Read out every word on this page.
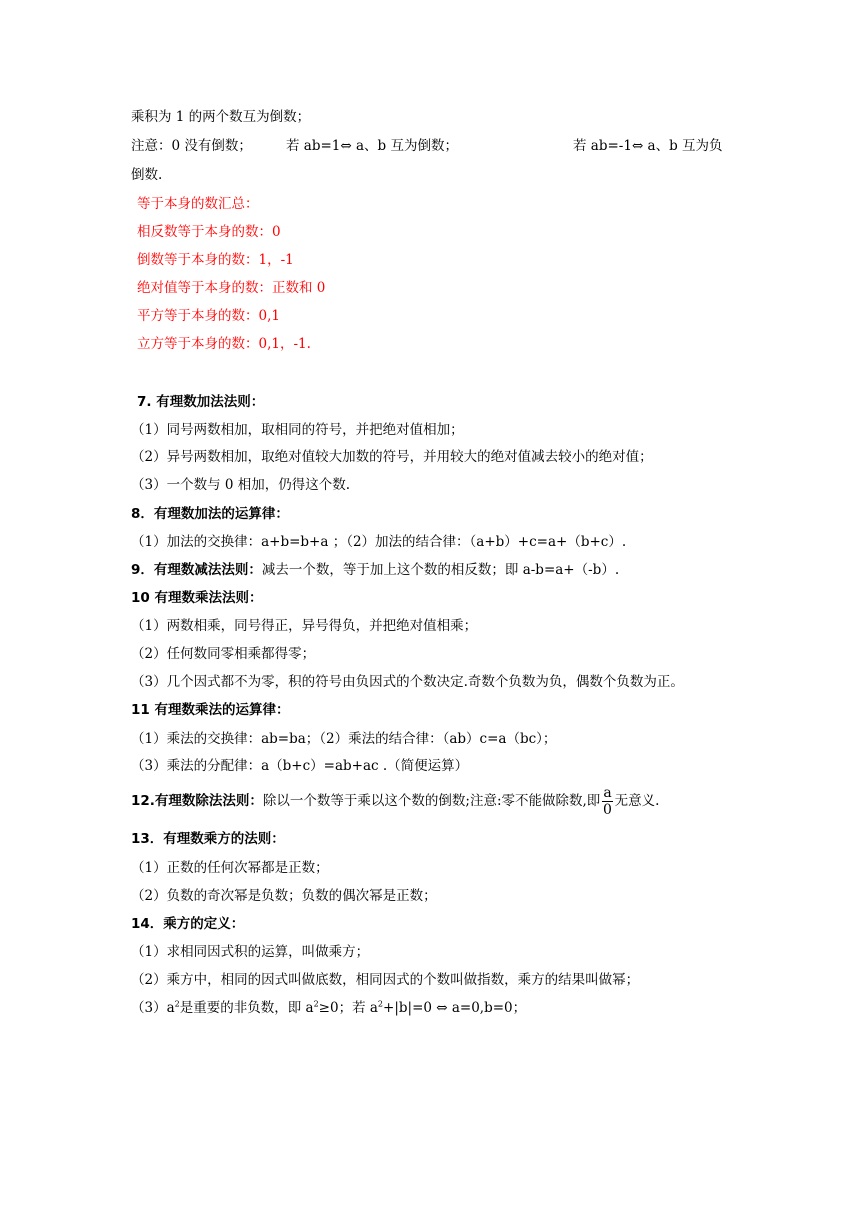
乘积为 1 的两个数互为倒数；
注意：0 没有倒数；	若 ab=1⇔ a、b 互为倒数；	若 ab=-1⇔ a、b 互为负
倒数.
等于本身的数汇总：
相反数等于本身的数：0
倒数等于本身的数：1，-1
绝对值等于本身的数：正数和 0
平方等于本身的数：0,1
立方等于本身的数：0,1，-1.
7. 有理数加法法则：
（1）同号两数相加，取相同的符号，并把绝对值相加；
（2）异号两数相加，取绝对值较大加数的符号，并用较大的绝对值减去较小的绝对值；
（3）一个数与 0 相加，仍得这个数.
8．有理数加法的运算律：
（1）加法的交换律：a+b=b+a ；（2）加法的结合律：（a+b）+c=a+（b+c）.
9．有理数减法法则：减去一个数，等于加上这个数的相反数；即 a-b=a+（-b）.
10 有理数乘法法则：
（1）两数相乘，同号得正，异号得负，并把绝对值相乘；
（2）任何数同零相乘都得零；
（3）几个因式都不为零，积的符号由负因式的个数决定.奇数个负数为负，偶数个负数为正。
11 有理数乘法的运算律：
（1）乘法的交换律：ab=ba；（2）乘法的结合律：（ab）c=a（bc）；
（3）乘法的分配律：a（b+c）=ab+ac .（简便运算）
12.有理数除法法则：除以一个数等于乘以这个数的倒数;注意:零不能做除数,即 $\frac{a}{0}$ 无意义.
13．有理数乘方的法则：
（1）正数的任何次幂都是正数；
（2）负数的奇次幂是负数；负数的偶次幂是正数；
14．乘方的定义：
（1）求相同因式积的运算，叫做乘方；
（2）乘方中，相同的因式叫做底数，相同因式的个数叫做指数，乘方的结果叫做幂；
$(3)a^2$是重要的非负数，即 $a^2\ge 0$；若 $a^2+|b|=0$ ⇔ a=0,b=0；
